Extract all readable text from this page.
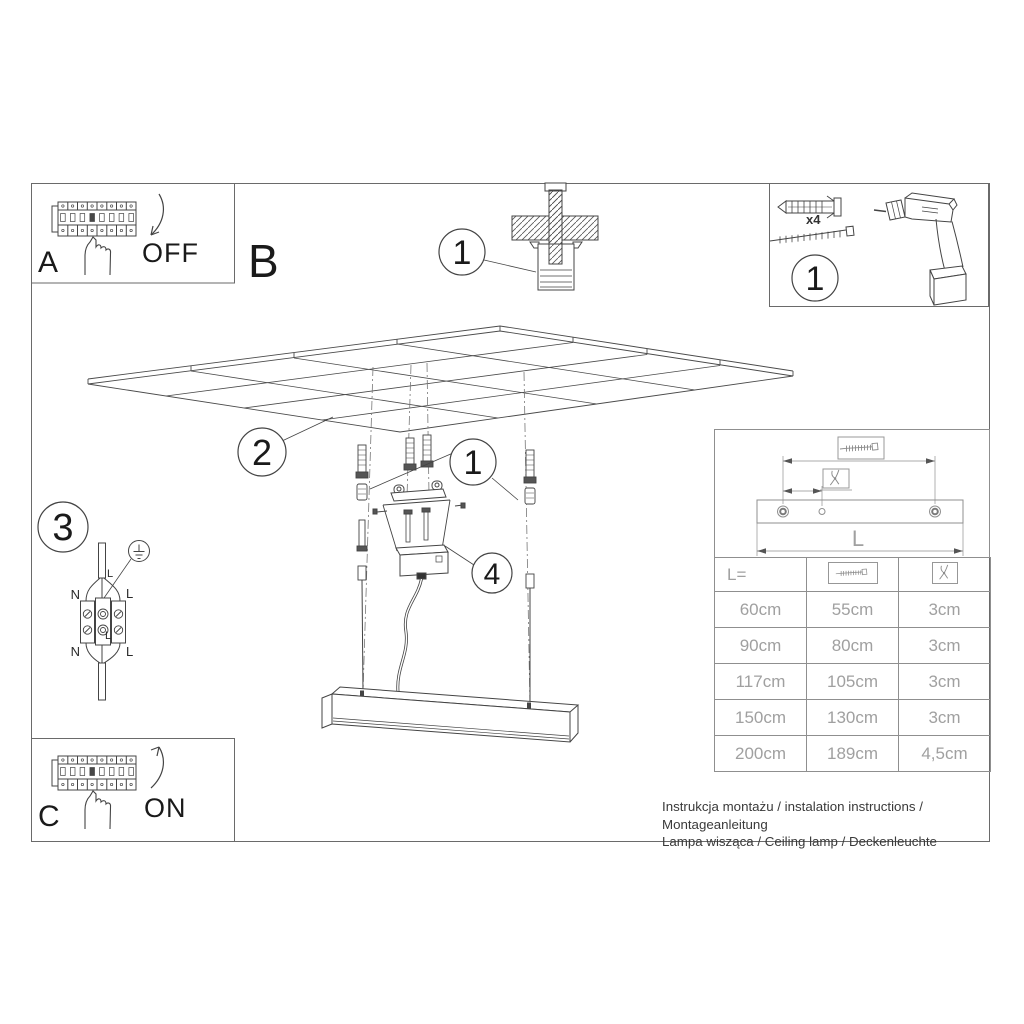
1
1
2	1
4
3
N	L
L
L
N	L
L
A	OFF B
x4
C	ON
L=		
60cm	55cm	3cm
90cm	80cm	3cm
117cm	105cm	3cm
150cm	130cm	3cm
200cm	189cm	4,5cm
Instrukcja montażu / instalation instructions / Montageanleitung
Lampa wisząca / Ceiling lamp / Deckenleuchte
